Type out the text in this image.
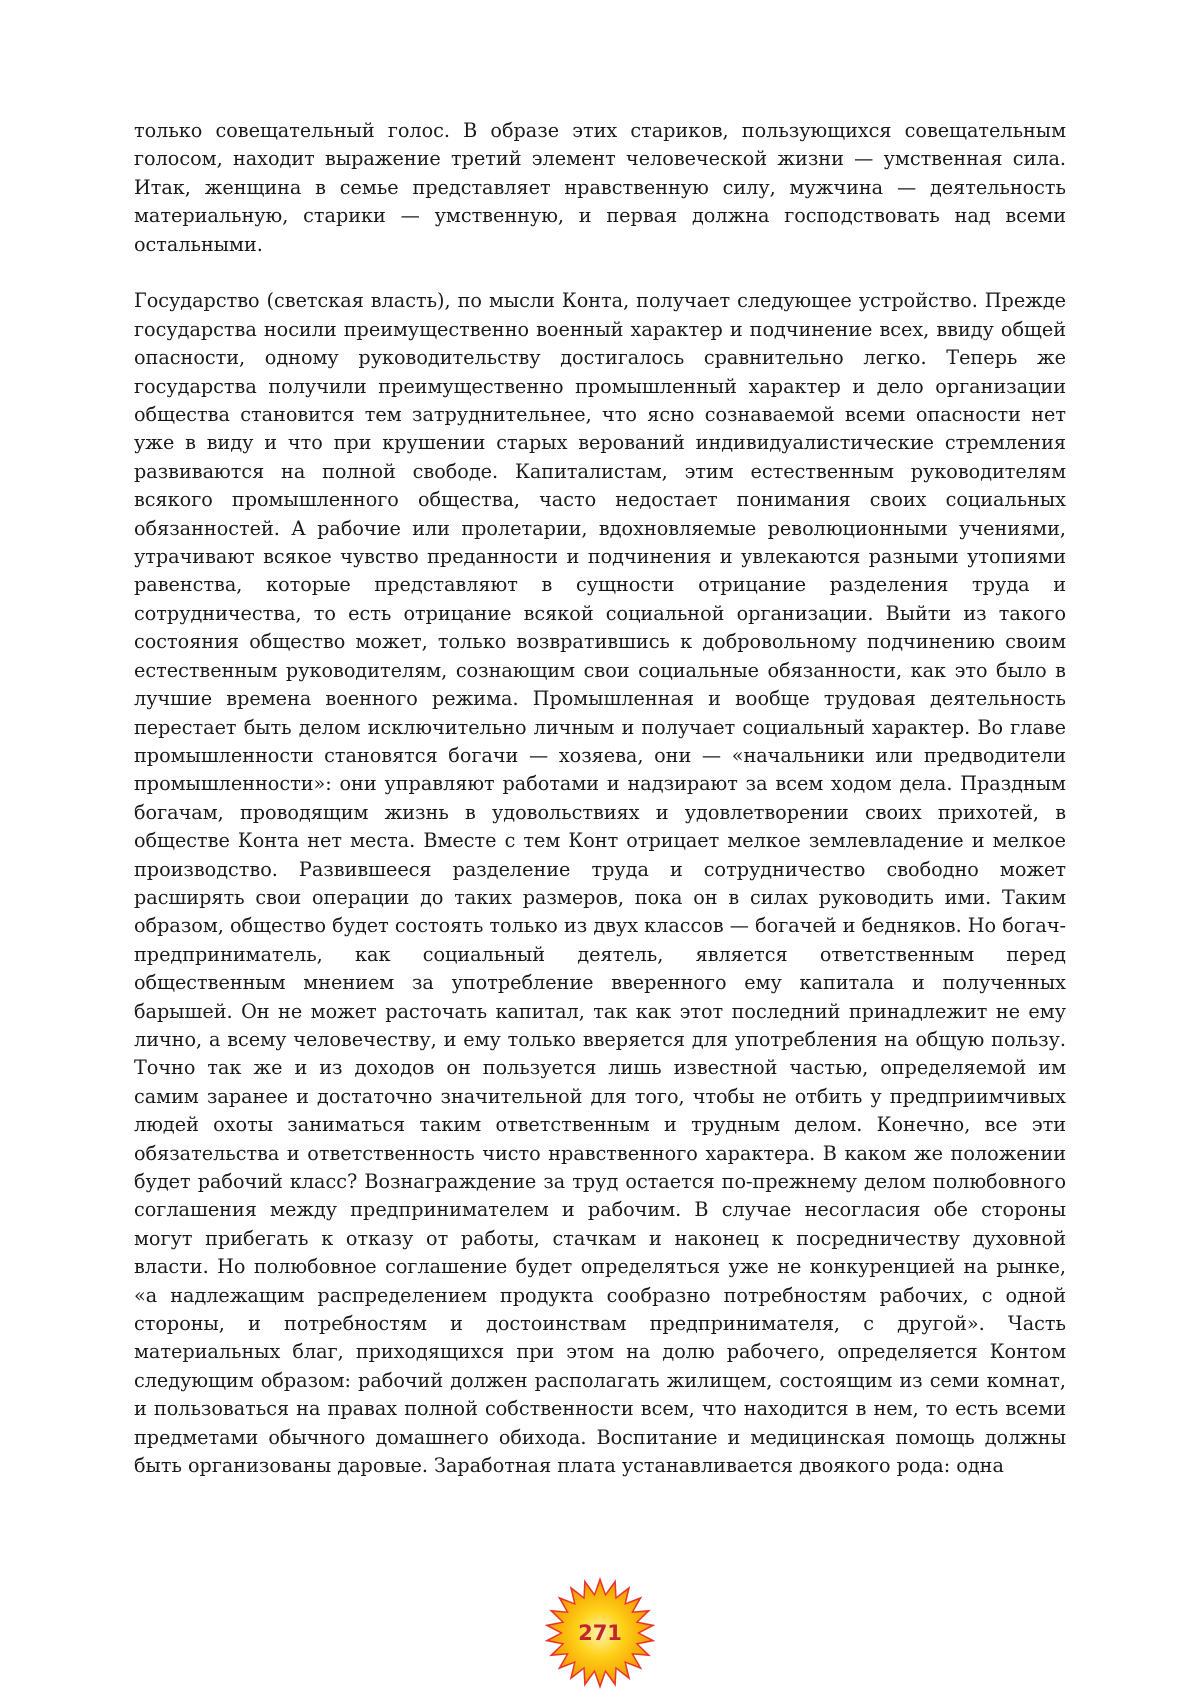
только совещательный голос. В образе этих стариков, пользующихся совещательным голосом, находит выражение третий элемент человеческой жизни — умственная сила. Итак, женщина в семье представляет нравственную силу, мужчина — деятельность материальную, старики — умственную, и первая должна господствовать над всеми остальными.

Государство (светская власть), по мысли Конта, получает следующее устройство. Прежде государства носили преимущественно военный характер и подчинение всех, ввиду общей опасности, одному руководительству достигалось сравнительно легко. Теперь же государства получили преимущественно промышленный характер и дело организации общества становится тем затруднительнее, что ясно сознаваемой всеми опасности нет уже в виду и что при крушении старых верований индивидуалистические стремления развиваются на полной свободе. Капиталистам, этим естественным руководителям всякого промышленного общества, часто недостает понимания своих социальных обязанностей. А рабочие или пролетарии, вдохновляемые революционными учениями, утрачивают всякое чувство преданности и подчинения и увлекаются разными утопиями равенства, которые представляют в сущности отрицание разделения труда и сотрудничества, то есть отрицание всякой социальной организации. Выйти из такого состояния общество может, только возвратившись к добровольному подчинению своим естественным руководителям, сознающим свои социальные обязанности, как это было в лучшие времена военного режима. Промышленная и вообще трудовая деятельность перестает быть делом исключительно личным и получает социальный характер. Во главе промышленности становятся богачи — хозяева, они — «начальники или предводители промышленности»: они управляют работами и надзирают за всем ходом дела. Праздным богачам, проводящим жизнь в удовольствиях и удовлетворении своих прихотей, в обществе Конта нет места. Вместе с тем Конт отрицает мелкое землевладение и мелкое производство. Развившееся разделение труда и сотрудничество свободно может расширять свои операции до таких размеров, пока он в силах руководить ими. Таким образом, общество будет состоять только из двух классов — богачей и бедняков. Но богач-предприниматель, как социальный деятель, является ответственным перед общественным мнением за употребление вверенного ему капитала и полученных барышей. Он не может расточать капитал, так как этот последний принадлежит не ему лично, а всему человечеству, и ему только вверяется для употребления на общую пользу. Точно так же и из доходов он пользуется лишь известной частью, определяемой им самим заранее и достаточно значительной для того, чтобы не отбить у предприимчивых людей охоты заниматься таким ответственным и трудным делом. Конечно, все эти обязательства и ответственность чисто нравственного характера. В каком же положении будет рабочий класс? Вознаграждение за труд остается по-прежнему делом полюбовного соглашения между предпринимателем и рабочим. В случае несогласия обе стороны могут прибегать к отказу от работы, стачкам и наконец к посредничеству духовной власти. Но полюбовное соглашение будет определяться уже не конкуренцией на рынке, «а надлежащим распределением продукта сообразно потребностям рабочих, с одной стороны, и потребностям и достоинствам предпринимателя, с другой». Часть материальных благ, приходящихся при этом на долю рабочего, определяется Контом следующим образом: рабочий должен располагать жилищем, состоящим из семи комнат, и пользоваться на правах полной собственности всем, что находится в нем, то есть всеми предметами обычного домашнего обихода. Воспитание и медицинская помощь должны быть организованы даровые. Заработная плата устанавливается двоякого рода: одна

271
